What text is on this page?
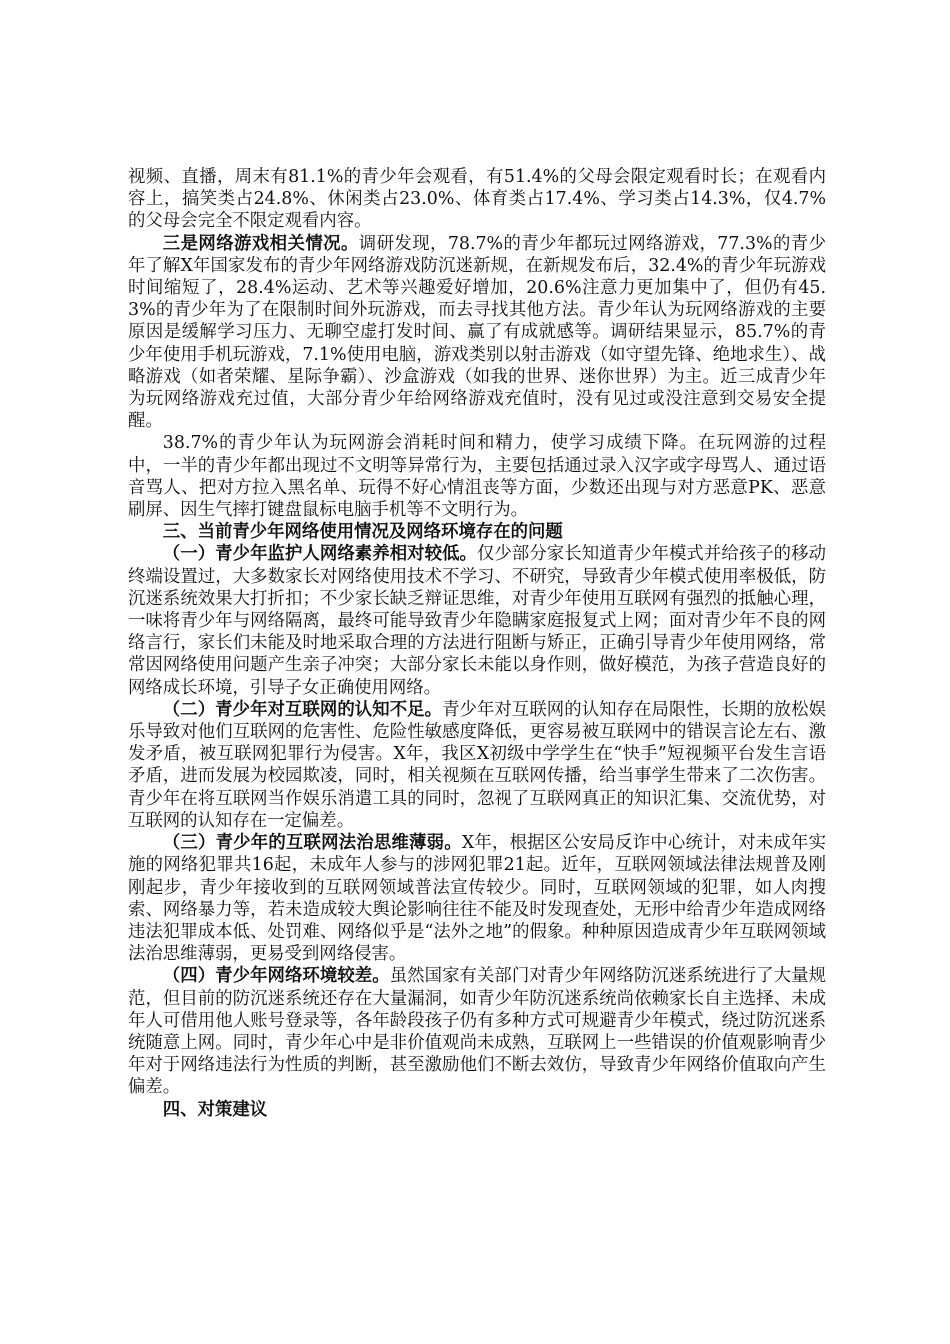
视频、直播，周末有81.1%的青少年会观看，有51.4%的父母会限定观看时长；在观看内容上，搞笑类占24.8%、休闲类占23.0%、体育类占17.4%、学习类占14.3%，仅4.7%的父母会完全不限定观看内容。

三是网络游戏相关情况。调研发现，78.7%的青少年都玩过网络游戏，77.3%的青少年了解X年国家发布的青少年网络游戏防沉迷新规，在新规发布后，32.4%的青少年玩游戏时间缩短了，28.4%运动、艺术等兴趣爱好增加，20.6%注意力更加集中了，但仍有45.3%的青少年为了在限制时间外玩游戏，而去寻找其他方法。青少年认为玩网络游戏的主要原因是缓解学习压力、无聊空虚打发时间、赢了有成就感等。调研结果显示，85.7%的青少年使用手机玩游戏，7.1%使用电脑，游戏类别以射击游戏（如守望先锋、绝地求生）、战略游戏（如者荣耀、星际争霸）、沙盒游戏（如我的世界、迷你世界）为主。近三成青少年为玩网络游戏充过值，大部分青少年给网络游戏充值时，没有见过或没注意到交易安全提醒。

38.7%的青少年认为玩网游会消耗时间和精力，使学习成绩下降。在玩网游的过程中，一半的青少年都出现过不文明等异常行为，主要包括通过录入汉字或字母骂人、通过语音骂人、把对方拉入黑名单、玩得不好心情沮丧等方面，少数还出现与对方恶意PK、恶意刷屏、因生气摔打键盘鼠标电脑手机等不文明行为。

三、当前青少年网络使用情况及网络环境存在的问题

（一）青少年监护人网络素养相对较低。仅少部分家长知道青少年模式并给孩子的移动终端设置过，大多数家长对网络使用技术不学习、不研究，导致青少年模式使用率极低，防沉迷系统效果大打折扣；不少家长缺乏辩证思维，对青少年使用互联网有强烈的抵触心理，一味将青少年与网络隔离，最终可能导致青少年隐瞒家庭报复式上网；面对青少年不良的网络言行，家长们未能及时地采取合理的方法进行阻断与矫正，正确引导青少年使用网络，常常因网络使用问题产生亲子冲突；大部分家长未能以身作则，做好模范，为孩子营造良好的网络成长环境，引导子女正确使用网络。

（二）青少年对互联网的认知不足。青少年对互联网的认知存在局限性，长期的放松娱乐导致对他们互联网的危害性、危险性敏感度降低，更容易被互联网中的错误言论左右、激发矛盾，被互联网犯罪行为侵害。X年，我区X初级中学学生在“快手”短视频平台发生言语矛盾，进而发展为校园欺凌，同时，相关视频在互联网传播，给当事学生带来了二次伤害。青少年在将互联网当作娱乐消遣工具的同时，忽视了互联网真正的知识汇集、交流优势，对互联网的认知存在一定偏差。

（三）青少年的互联网法治思维薄弱。X年，根据区公安局反诈中心统计，对未成年实施的网络犯罪共16起，未成年人参与的涉网犯罪21起。近年，互联网领域法律法规普及刚刚起步，青少年接收到的互联网领域普法宣传较少。同时，互联网领域的犯罪，如人肉搜索、网络暴力等，若未造成较大舆论影响往往不能及时发现查处，无形中给青少年造成网络违法犯罪成本低、处罚难、网络似乎是“法外之地”的假象。种种原因造成青少年互联网领域法治思维薄弱，更易受到网络侵害。

（四）青少年网络环境较差。虽然国家有关部门对青少年网络防沉迷系统进行了大量规范，但目前的防沉迷系统还存在大量漏洞，如青少年防沉迷系统尚依赖家长自主选择、未成年人可借用他人账号登录等，各年龄段孩子仍有多种方式可规避青少年模式，绕过防沉迷系统随意上网。同时，青少年心中是非价值观尚未成熟，互联网上一些错误的价值观影响青少年对于网络违法行为性质的判断，甚至激励他们不断去效仿，导致青少年网络价值取向产生偏差。

四、对策建议
